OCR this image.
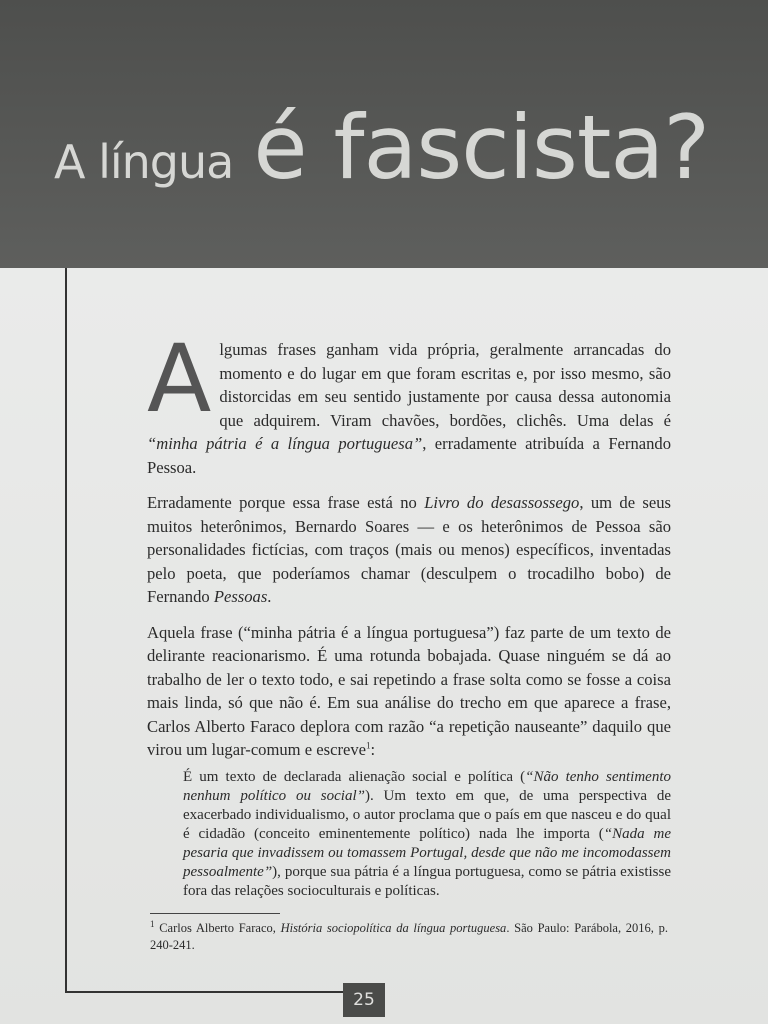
A língua é fascista?

Algumas frases ganham vida própria, geralmente arrancadas do momento e do lugar em que foram escritas e, por isso mesmo, são distorcidas em seu sentido justamente por causa dessa autonomia que adquirem. Viram chavões, bordões, clichês. Uma delas é “minha pátria é a língua portuguesa”, erradamente atribuída a Fernando Pessoa.

Erradamente porque essa frase está no Livro do desassossego, um de seus muitos heterônimos, Bernardo Soares — e os heterônimos de Pessoa são personalidades fictícias, com traços (mais ou menos) específicos, inventadas pelo poeta, que poderíamos chamar (desculpem o trocadilho bobo) de Fernando Pessoas.

Aquela frase (“minha pátria é a língua portuguesa”) faz parte de um texto de delirante reacionarismo. É uma rotunda bobajada. Quase ninguém se dá ao trabalho de ler o texto todo, e sai repetindo a frase solta como se fosse a coisa mais linda, só que não é. Em sua análise do trecho em que aparece a frase, Carlos Alberto Faraco deplora com razão “a repetição nauseante” daquilo que virou um lugar-comum e escreve$^1$:

É um texto de declarada alienação social e política (“Não tenho sentimento nenhum político ou social”). Um texto em que, de uma perspectiva de exacerbado individualismo, o autor proclama que o país em que nasceu e do qual é cidadão (conceito eminentemente político) nada lhe importa (“Nada me pesaria que invadissem ou tomassem Portugal, desde que não me incomodassem pessoalmente”), porque sua pátria é a língua portuguesa, como se pátria existisse fora das relações socioculturais e políticas.
$^1$ Carlos Alberto Faraco, História sociopolítica da língua portuguesa. São Paulo: Parábola, 2016, p. 240-241.
25
